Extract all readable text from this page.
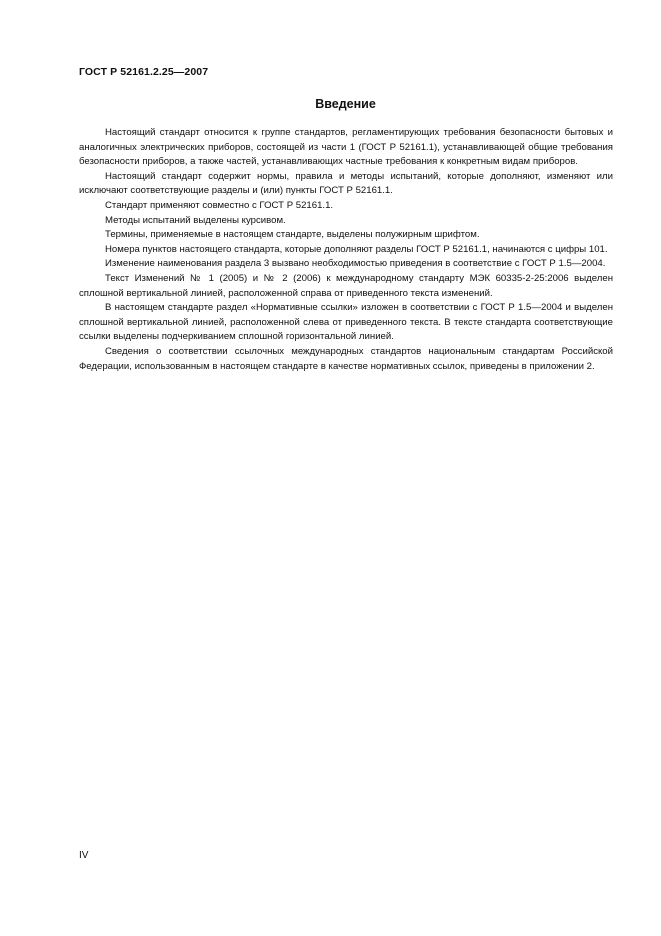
ГОСТ Р 52161.2.25—2007
Введение

Настоящий стандарт относится к группе стандартов, регламентирующих требования безопасности бытовых и аналогичных электрических приборов, состоящей из части 1 (ГОСТ Р 52161.1), устанавливающей общие требования безопасности приборов, а также частей, устанавливающих частные требования к конкретным видам приборов.

Настоящий стандарт содержит нормы, правила и методы испытаний, которые дополняют, изменяют или исключают соответствующие разделы и (или) пункты ГОСТ Р 52161.1.

Стандарт применяют совместно с ГОСТ Р 52161.1.

Методы испытаний выделены курсивом.

Термины, применяемые в настоящем стандарте, выделены полужирным шрифтом.

Номера пунктов настоящего стандарта, которые дополняют разделы ГОСТ Р 52161.1, начинаются с цифры 101.

Изменение наименования раздела 3 вызвано необходимостью приведения в соответствие с ГОСТ Р 1.5—2004.

Текст Изменений № 1 (2005) и № 2 (2006) к международному стандарту МЭК 60335-2-25:2006 выделен сплошной вертикальной линией, расположенной справа от приведенного текста изменений.

В настоящем стандарте раздел «Нормативные ссылки» изложен в соответствии с ГОСТ Р 1.5—2004 и выделен сплошной вертикальной линией, расположенной слева от приведенного текста. В тексте стандарта соответствующие ссылки выделены подчеркиванием сплошной горизонтальной линией.

Сведения о соответствии ссылочных международных стандартов национальным стандартам Российской Федерации, использованным в настоящем стандарте в качестве нормативных ссылок, приведены в приложении 2.

IV
